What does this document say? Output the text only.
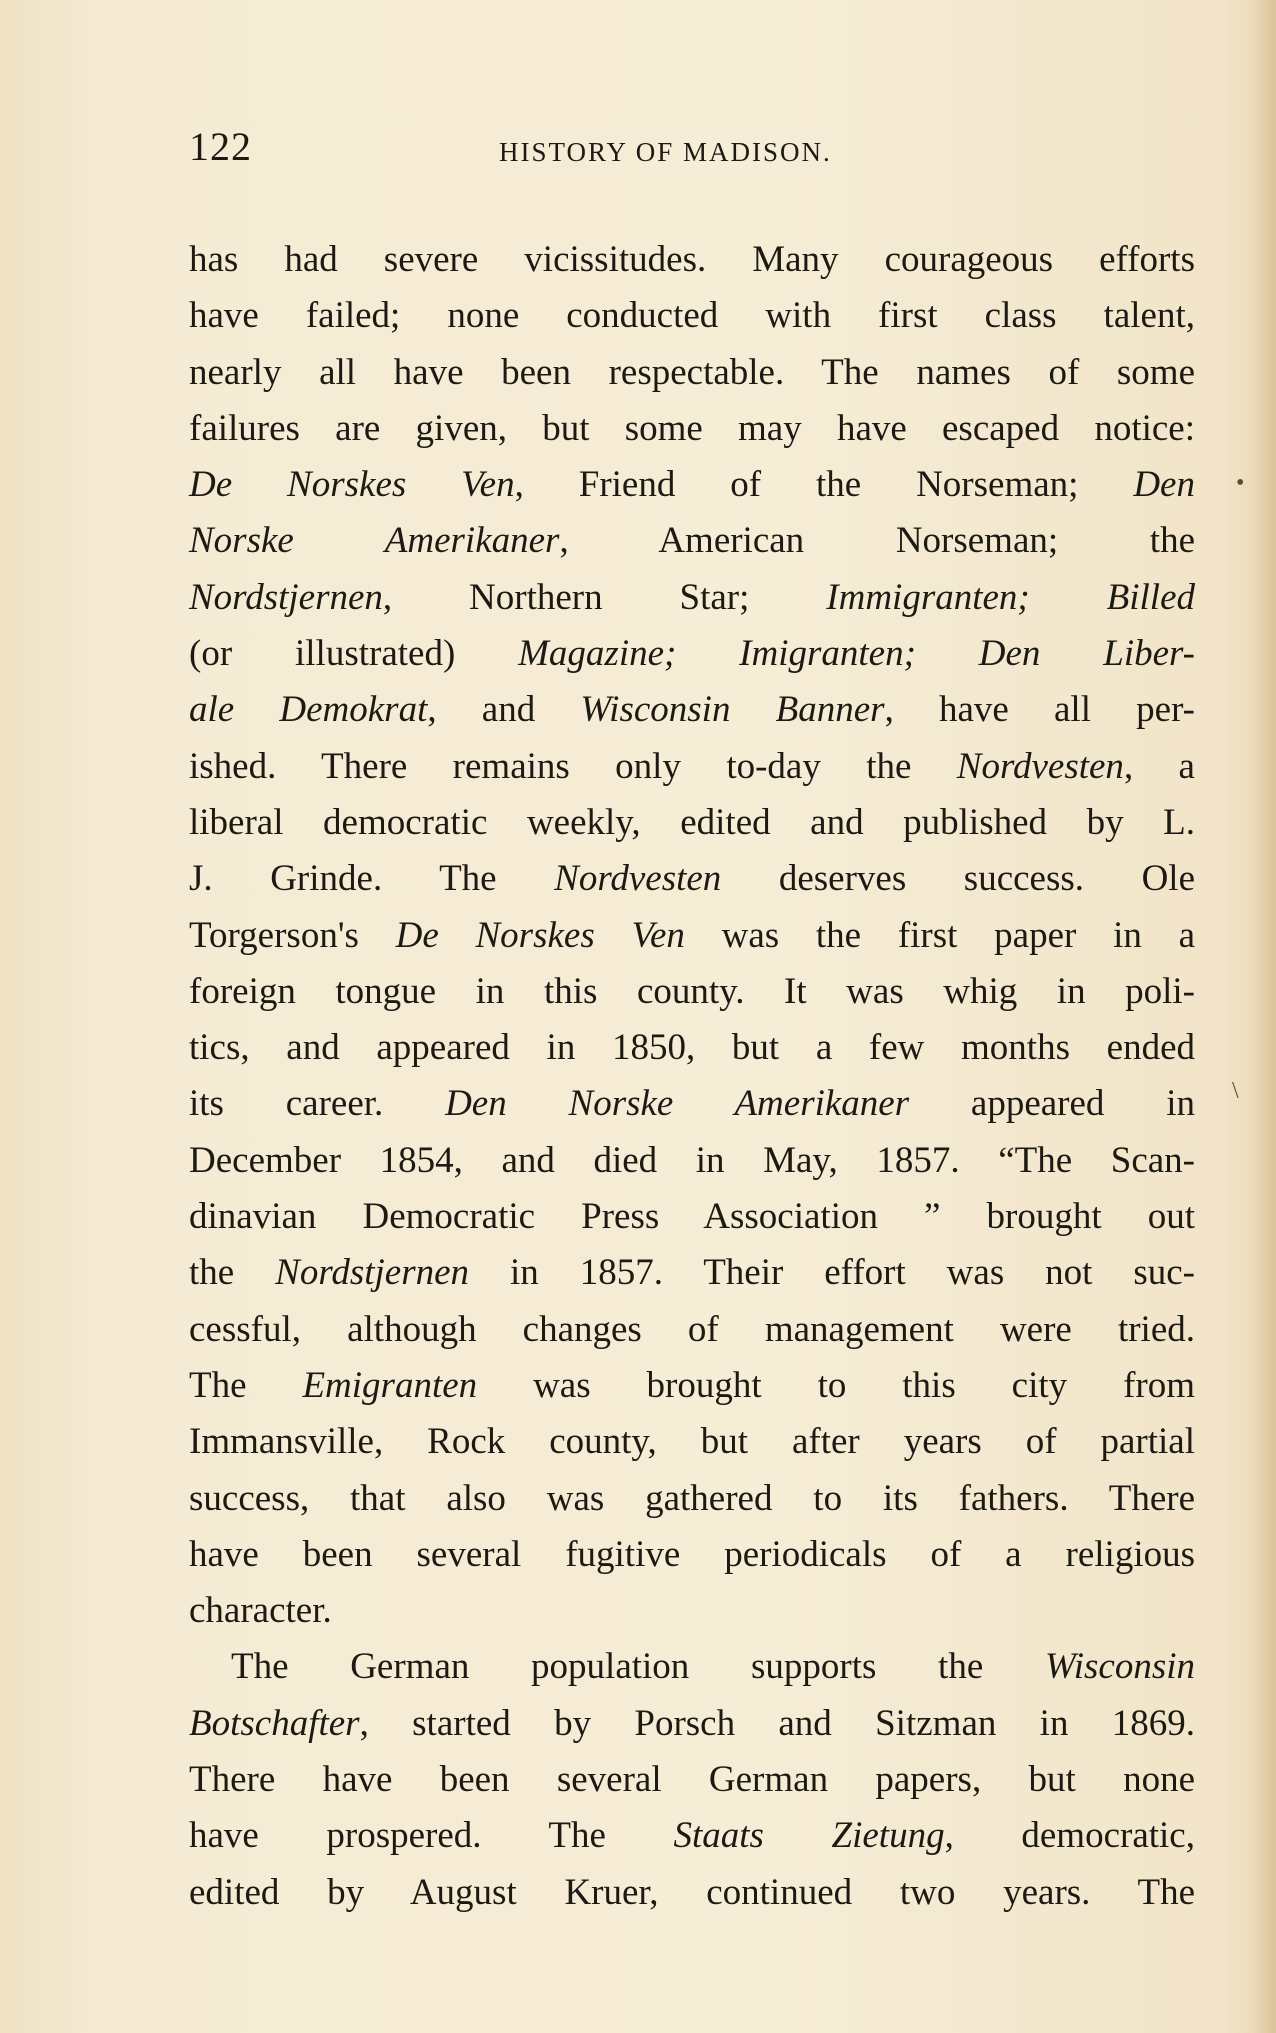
122	HISTORY OF MADISON.
has had severe vicissitudes. Many courageous efforts
have failed; none conducted with first class talent,
nearly all have been respectable. The names of some
failures are given, but some may have escaped notice:
De Norskes Ven, Friend of the Norseman; Den
Norske Amerikaner, American Norseman; the
Nordstjernen, Northern Star; Immigranten; Billed
(or illustrated) Magazine; Imigranten; Den Liber-
ale Demokrat, and Wisconsin Banner, have all per-
ished. There remains only to-day the Nordvesten, a
liberal democratic weekly, edited and published by L.
J. Grinde. The Nordvesten deserves success. Ole
Torgerson's De Norskes Ven was the first paper in a
foreign tongue in this county. It was whig in poli-
tics, and appeared in 1850, but a few months ended
its career. Den Norske Amerikaner appeared in
December 1854, and died in May, 1857. “The Scan-
dinavian Democratic Press Association ” brought out
the Nordstjernen in 1857. Their effort was not suc-
cessful, although changes of management were tried.
The Emigranten was brought to this city from
Immansville, Rock county, but after years of partial
success, that also was gathered to its fathers. There
have been several fugitive periodicals of a religious
character.
The German population supports the Wisconsin
Botschafter, started by Porsch and Sitzman in 1869.
There have been several German papers, but none
have prospered. The Staats Zietung, democratic,
edited by August Kruer, continued two years. The
•
\
